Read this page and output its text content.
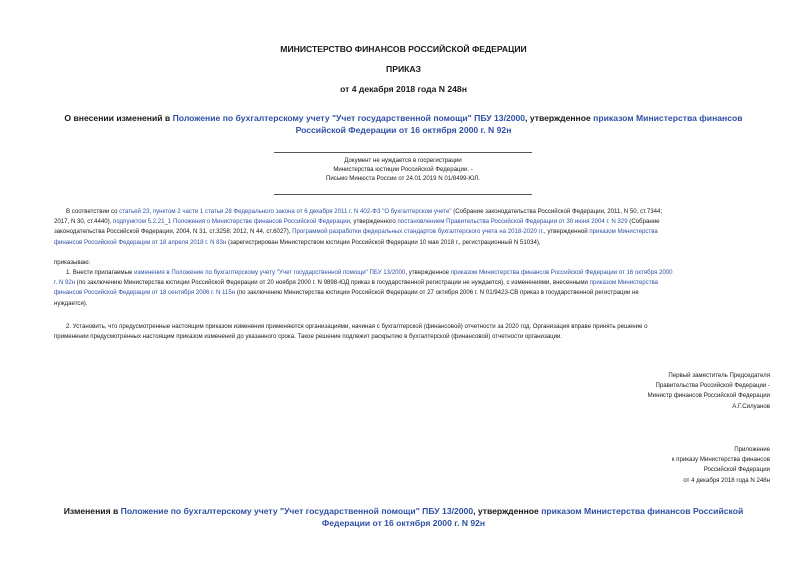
МИНИСТЕРСТВО ФИНАНСОВ РОССИЙСКОЙ ФЕДЕРАЦИИ
ПРИКАЗ
от 4 декабря 2018 года N 248н
О внесении изменений в Положение по бухгалтерскому учету "Учет государственной помощи" ПБУ 13/2000, утвержденное приказом Министерства финансов
Российской Федерации от 16 октября 2000 г. N 92н
Документ не нуждается в госрегистрации
Министерства юстиции Российской Федерации. -
Письмо Минюста России от 24.01.2019 N 01/8499-ЮЛ.
В соответствии со статьей 23, пунктом 2 части 1 статьи 28 Федерального закона от 6 декабря 2011 г. N 402-ФЗ "О бухгалтерском учете" (Собрание законодательства Российской Федерации, 2011, N 50, ст.7344;
2017, N 30, ст.4440), подпунктом 5.2.21_1 Положения о Министерстве финансов Российской Федерации, утвержденного постановлением Правительства Российской Федерации от 30 июня 2004 г. N 329 (Собрание
законодательства Российской Федерации, 2004, N 31, ст.3258; 2012, N 44, ст.6027), Программой разработки федеральных стандартов бухгалтерского учета на 2018-2020 гг., утвержденной приказом Министерства
финансов Российской Федерации от 18 апреля 2018 г. N 83н (зарегистрирован Министерством юстиции Российской Федерации 10 мая 2018 г., регистрационный N 51034),
приказываю:
1. Внести прилагаемые изменения в Положение по бухгалтерскому учету "Учет государственной помощи" ПБУ 13/2000, утвержденное приказом Министерства финансов Российской Федерации от 16 октября 2000
г. N 92н (по заключению Министерства юстиции Российской Федерации от 20 ноября 2000 г. N 9898-ЮД приказ в государственной регистрации не нуждается), с изменениями, внесенными приказом Министерства
финансов Российской Федерации от 18 сентября 2006 г. N 115н (по заключению Министерства юстиции Российской Федерации от 27 октября 2006 г. N 01/9423-СВ приказ в государственной регистрации не
нуждается).
2. Установить, что предусмотренные настоящим приказом изменения применяются организациями, начиная с бухгалтерской (финансовой) отчетности за 2020 год. Организация вправе принять решение о
применении предусмотренных настоящим приказом изменений до указанного срока. Такое решение подлежит раскрытию в бухгалтерской (финансовой) отчетности организации.
Первый заместитель Председателя
Правительства Российской Федерации -
Министр финансов Российской Федерации
А.Г.Силуанов
Приложение
к приказу Министерства финансов
Российской Федерации
от 4 декабря 2018 года N 248н
Изменения в Положение по бухгалтерскому учету "Учет государственной помощи" ПБУ 13/2000, утвержденное приказом Министерства финансов Российской
Федерации от 16 октября 2000 г. N 92н
